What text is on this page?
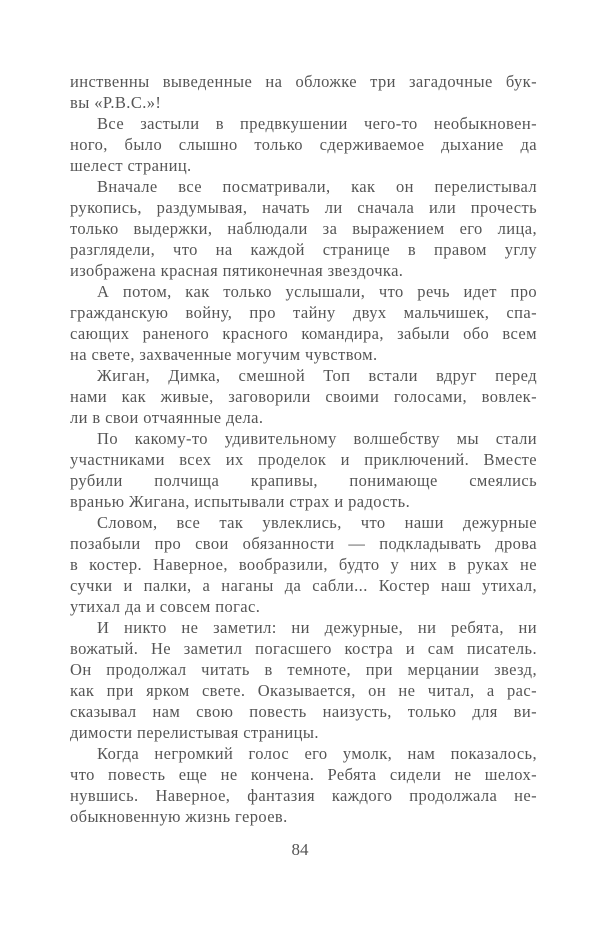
инственны выведенные на обложке три загадочные бук-
вы «Р.В.С.»!
Все застыли в предвкушении чего-то необыкновен-
ного, было слышно только сдерживаемое дыхание да
шелест страниц.
Вначале все посматривали, как он перелистывал
рукопись, раздумывая, начать ли сначала или прочесть
только выдержки, наблюдали за выражением его лица,
разглядели, что на каждой странице в правом углу
изображена красная пятиконечная звездочка.
А потом, как только услышали, что речь идет про
гражданскую войну, про тайну двух мальчишек, спа-
сающих раненого красного командира, забыли обо всем
на свете, захваченные могучим чувством.
Жиган, Димка, смешной Топ встали вдруг перед
нами как живые, заговорили своими голосами, вовлек-
ли в свои отчаянные дела.
По какому-то удивительному волшебству мы стали
участниками всех их проделок и приключений. Вместе
рубили полчища крапивы, понимающе смеялись
вранью Жигана, испытывали страх и радость.
Словом, все так увлеклись, что наши дежурные
позабыли про свои обязанности — подкладывать дрова
в костер. Наверное, вообразили, будто у них в руках не
сучки и палки, а наганы да сабли... Костер наш утихал,
утихал да и совсем погас.
И никто не заметил: ни дежурные, ни ребята, ни
вожатый. Не заметил погасшего костра и сам писатель.
Он продолжал читать в темноте, при мерцании звезд,
как при ярком свете. Оказывается, он не читал, а рас-
сказывал нам свою повесть наизусть, только для ви-
димости перелистывая страницы.
Когда негромкий голос его умолк, нам показалось,
что повесть еще не кончена. Ребята сидели не шелох-
нувшись. Наверное, фантазия каждого продолжала не-
обыкновенную жизнь героев.
84
